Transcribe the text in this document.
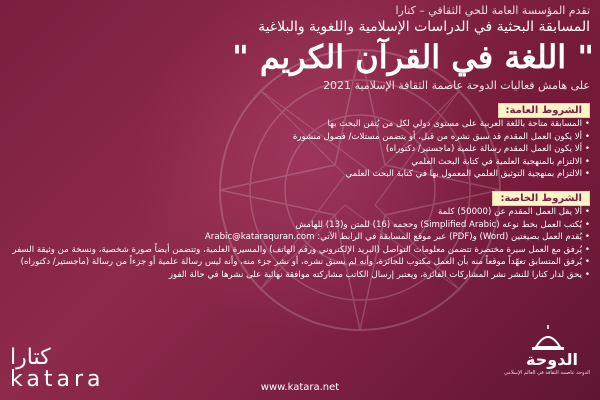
تقدم المؤسسة العامة للحي الثقافي – كتارا
المسابقة البحثية في الدراسات الإسلامية واللغوية والبلاغية
" اللغة في القرآن الكريم "
على هامش فعاليات الدوحة عاصمة الثقافة الإسلامية 2021
الشروط العامة:
• المسابقة متاحة باللغة العربية على مستوى دولي لكل من يُتقن البحث بها
• ألا يكون العمل المقدم قد سبق نشره من قبل، أو يتضمن مستلات/ فصول منشورة
• ألا يكون العمل المقدم رسالة علمية (ماجستير/ دكتوراه)
• الالتزام بالمنهجية العلمية في كتابة البحث العلمي
• الالتزام بمنهجية التوثيق العلمي المعمول بها في كتابة البحث العلمي
الشروط الخاصة:
• ألا يقل العمل المقدم عن (50000) كلمة
• يُكتب العمل بخط نوعه (Simplified Arabic) وحجمه (16) للمتن و(13) للهامش
• يُقدم العمل بصيغتين (Word) و(PDF) عبر موقع المسابقة في الرابط الآتي: Arabic@kataraquran.com
• يُرفق مع العمل سيرة مختصرة تتضمن معلومات التواصل (البريد الإلكتروني ورقم الهاتف) والمسيرة العلمية، وتتضمن أيضاً صورة شخصية، ونسخة من وثيقة السفر
• يُرفق المتسابق تعهّداً موقعاً منه بأن العمل مكتوب للجائزة، وأنه لم يسبق نشره، أو نشر جزء منه، وأنه ليس رسالة علمية أو جزءاً من رسالة (ماجستير/ دكتوراه)
• يحق لدار كتارا للنشر نشر المشاركات الفائزة، ويعتبر إرسال الكاتب مشاركته موافقة نهائية على نشرها في حالة الفوز
كتارا
katara
الدوحة
الدوحة عاصمة الثقافة في العالم الإسلامي
www.katara.net
